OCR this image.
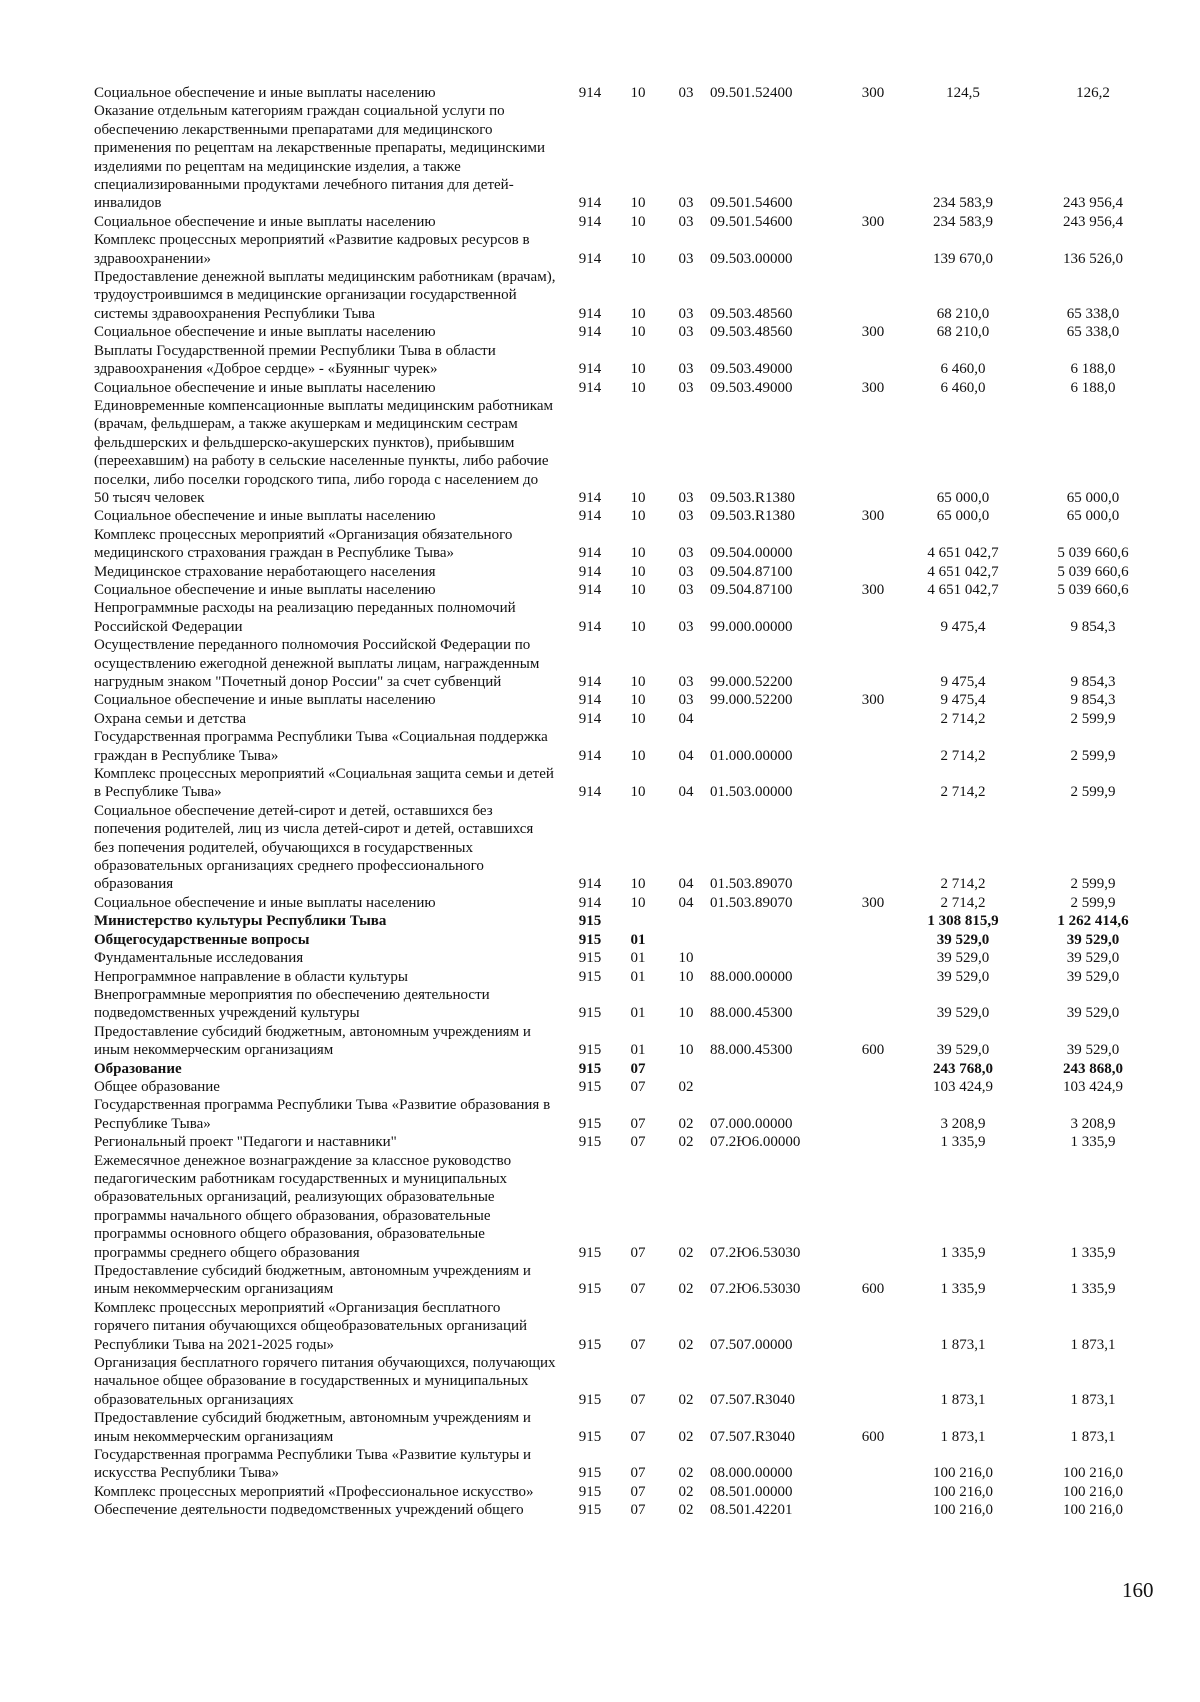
Социальное обеспечение и иные выплаты населению	914	10	03	09.501.52400	300	124,5	126,2
Оказание отдельным категориям граждан социальной услуги по обеспечению лекарственными препаратами для медицинского применения по рецептам на лекарственные препараты, медицинскими изделиями по рецептам на медицинские изделия, а также специализированными продуктами лечебного питания для детей-инвалидов	914	10	03	09.501.54600		234 583,9	243 956,4
Социальное обеспечение и иные выплаты населению	914	10	03	09.501.54600	300	234 583,9	243 956,4
Комплекс процессных мероприятий «Развитие кадровых ресурсов в здравоохранении»	914	10	03	09.503.00000		139 670,0	136 526,0
Предоставление денежной выплаты медицинским работникам (врачам), трудоустроившимся в медицинские организации государственной системы здравоохранения Республики Тыва	914	10	03	09.503.48560		68 210,0	65 338,0
Социальное обеспечение и иные выплаты населению	914	10	03	09.503.48560	300	68 210,0	65 338,0
Выплаты Государственной премии Республики Тыва в области здравоохранения «Доброе сердце» - «Буянныг чурек»	914	10	03	09.503.49000		6 460,0	6 188,0
Социальное обеспечение и иные выплаты населению	914	10	03	09.503.49000	300	6 460,0	6 188,0
Единовременные компенсационные выплаты медицинским работникам (врачам, фельдшерам, а также акушеркам и медицинским сестрам фельдшерских и фельдшерско-акушерских пунктов), прибывшим (переехавшим) на работу в сельские населенные пункты, либо рабочие поселки, либо поселки городского типа, либо города с населением до 50 тысяч человек	914	10	03	09.503.R1380		65 000,0	65 000,0
Социальное обеспечение и иные выплаты населению	914	10	03	09.503.R1380	300	65 000,0	65 000,0
Комплекс процессных мероприятий «Организация обязательного медицинского страхования граждан в Республике Тыва»	914	10	03	09.504.00000		4 651 042,7	5 039 660,6
Медицинское страхование неработающего населения	914	10	03	09.504.87100		4 651 042,7	5 039 660,6
Социальное обеспечение и иные выплаты населению	914	10	03	09.504.87100	300	4 651 042,7	5 039 660,6
Непрограммные расходы на реализацию переданных полномочий Российской Федерации	914	10	03	99.000.00000		9 475,4	9 854,3
Осуществление переданного полномочия Российской Федерации по осуществлению ежегодной денежной выплаты лицам, награжденным нагрудным знаком "Почетный донор России" за счет субвенций	914	10	03	99.000.52200		9 475,4	9 854,3
Социальное обеспечение и иные выплаты населению	914	10	03	99.000.52200	300	9 475,4	9 854,3
Охрана семьи и детства	914	10	04			2 714,2	2 599,9
Государственная программа Республики Тыва «Социальная поддержка граждан в Республике Тыва»	914	10	04	01.000.00000		2 714,2	2 599,9
Комплекс процессных мероприятий «Социальная защита семьи и детей в Республике Тыва»	914	10	04	01.503.00000		2 714,2	2 599,9
Социальное обеспечение детей-сирот и детей, оставшихся без попечения родителей, лиц из числа детей-сирот и детей, оставшихся без попечения родителей, обучающихся в государственных образовательных организациях среднего профессионального образования	914	10	04	01.503.89070		2 714,2	2 599,9
Социальное обеспечение и иные выплаты населению	914	10	04	01.503.89070	300	2 714,2	2 599,9
Министерство культуры Республики Тыва	915					1 308 815,9	1 262 414,6
Общегосударственные вопросы	915	01				39 529,0	39 529,0
Фундаментальные исследования	915	01	10			39 529,0	39 529,0
Непрограммное направление в области культуры	915	01	10	88.000.00000		39 529,0	39 529,0
Внепрограммные мероприятия по обеспечению деятельности подведомственных учреждений культуры	915	01	10	88.000.45300		39 529,0	39 529,0
Предоставление субсидий бюджетным, автономным учреждениям и иным некоммерческим организациям	915	01	10	88.000.45300	600	39 529,0	39 529,0
Образование	915	07				243 768,0	243 868,0
Общее образование	915	07	02			103 424,9	103 424,9
Государственная программа Республики Тыва «Развитие образования в Республике Тыва»	915	07	02	07.000.00000		3 208,9	3 208,9
Региональный проект "Педагоги и наставники"	915	07	02	07.2Ю6.00000		1 335,9	1 335,9
Ежемесячное денежное вознаграждение за классное руководство педагогическим работникам государственных и муниципальных образовательных организаций, реализующих образовательные программы начального общего образования, образовательные программы основного общего образования, образовательные программы среднего общего образования	915	07	02	07.2Ю6.53030		1 335,9	1 335,9
Предоставление субсидий бюджетным, автономным учреждениям и иным некоммерческим организациям	915	07	02	07.2Ю6.53030	600	1 335,9	1 335,9
Комплекс процессных мероприятий «Организация бесплатного горячего питания обучающихся общеобразовательных организаций Республики Тыва на 2021-2025 годы»	915	07	02	07.507.00000		1 873,1	1 873,1
Организация бесплатного горячего питания обучающихся, получающих начальное общее образование в государственных и муниципальных образовательных организациях	915	07	02	07.507.R3040		1 873,1	1 873,1
Предоставление субсидий бюджетным, автономным учреждениям и иным некоммерческим организациям	915	07	02	07.507.R3040	600	1 873,1	1 873,1
Государственная программа Республики Тыва «Развитие культуры и искусства Республики Тыва»	915	07	02	08.000.00000		100 216,0	100 216,0
Комплекс процессных мероприятий «Профессиональное искусство»	915	07	02	08.501.00000		100 216,0	100 216,0
Обеспечение деятельности подведомственных учреждений общего	915	07	02	08.501.42201		100 216,0	100 216,0
160
